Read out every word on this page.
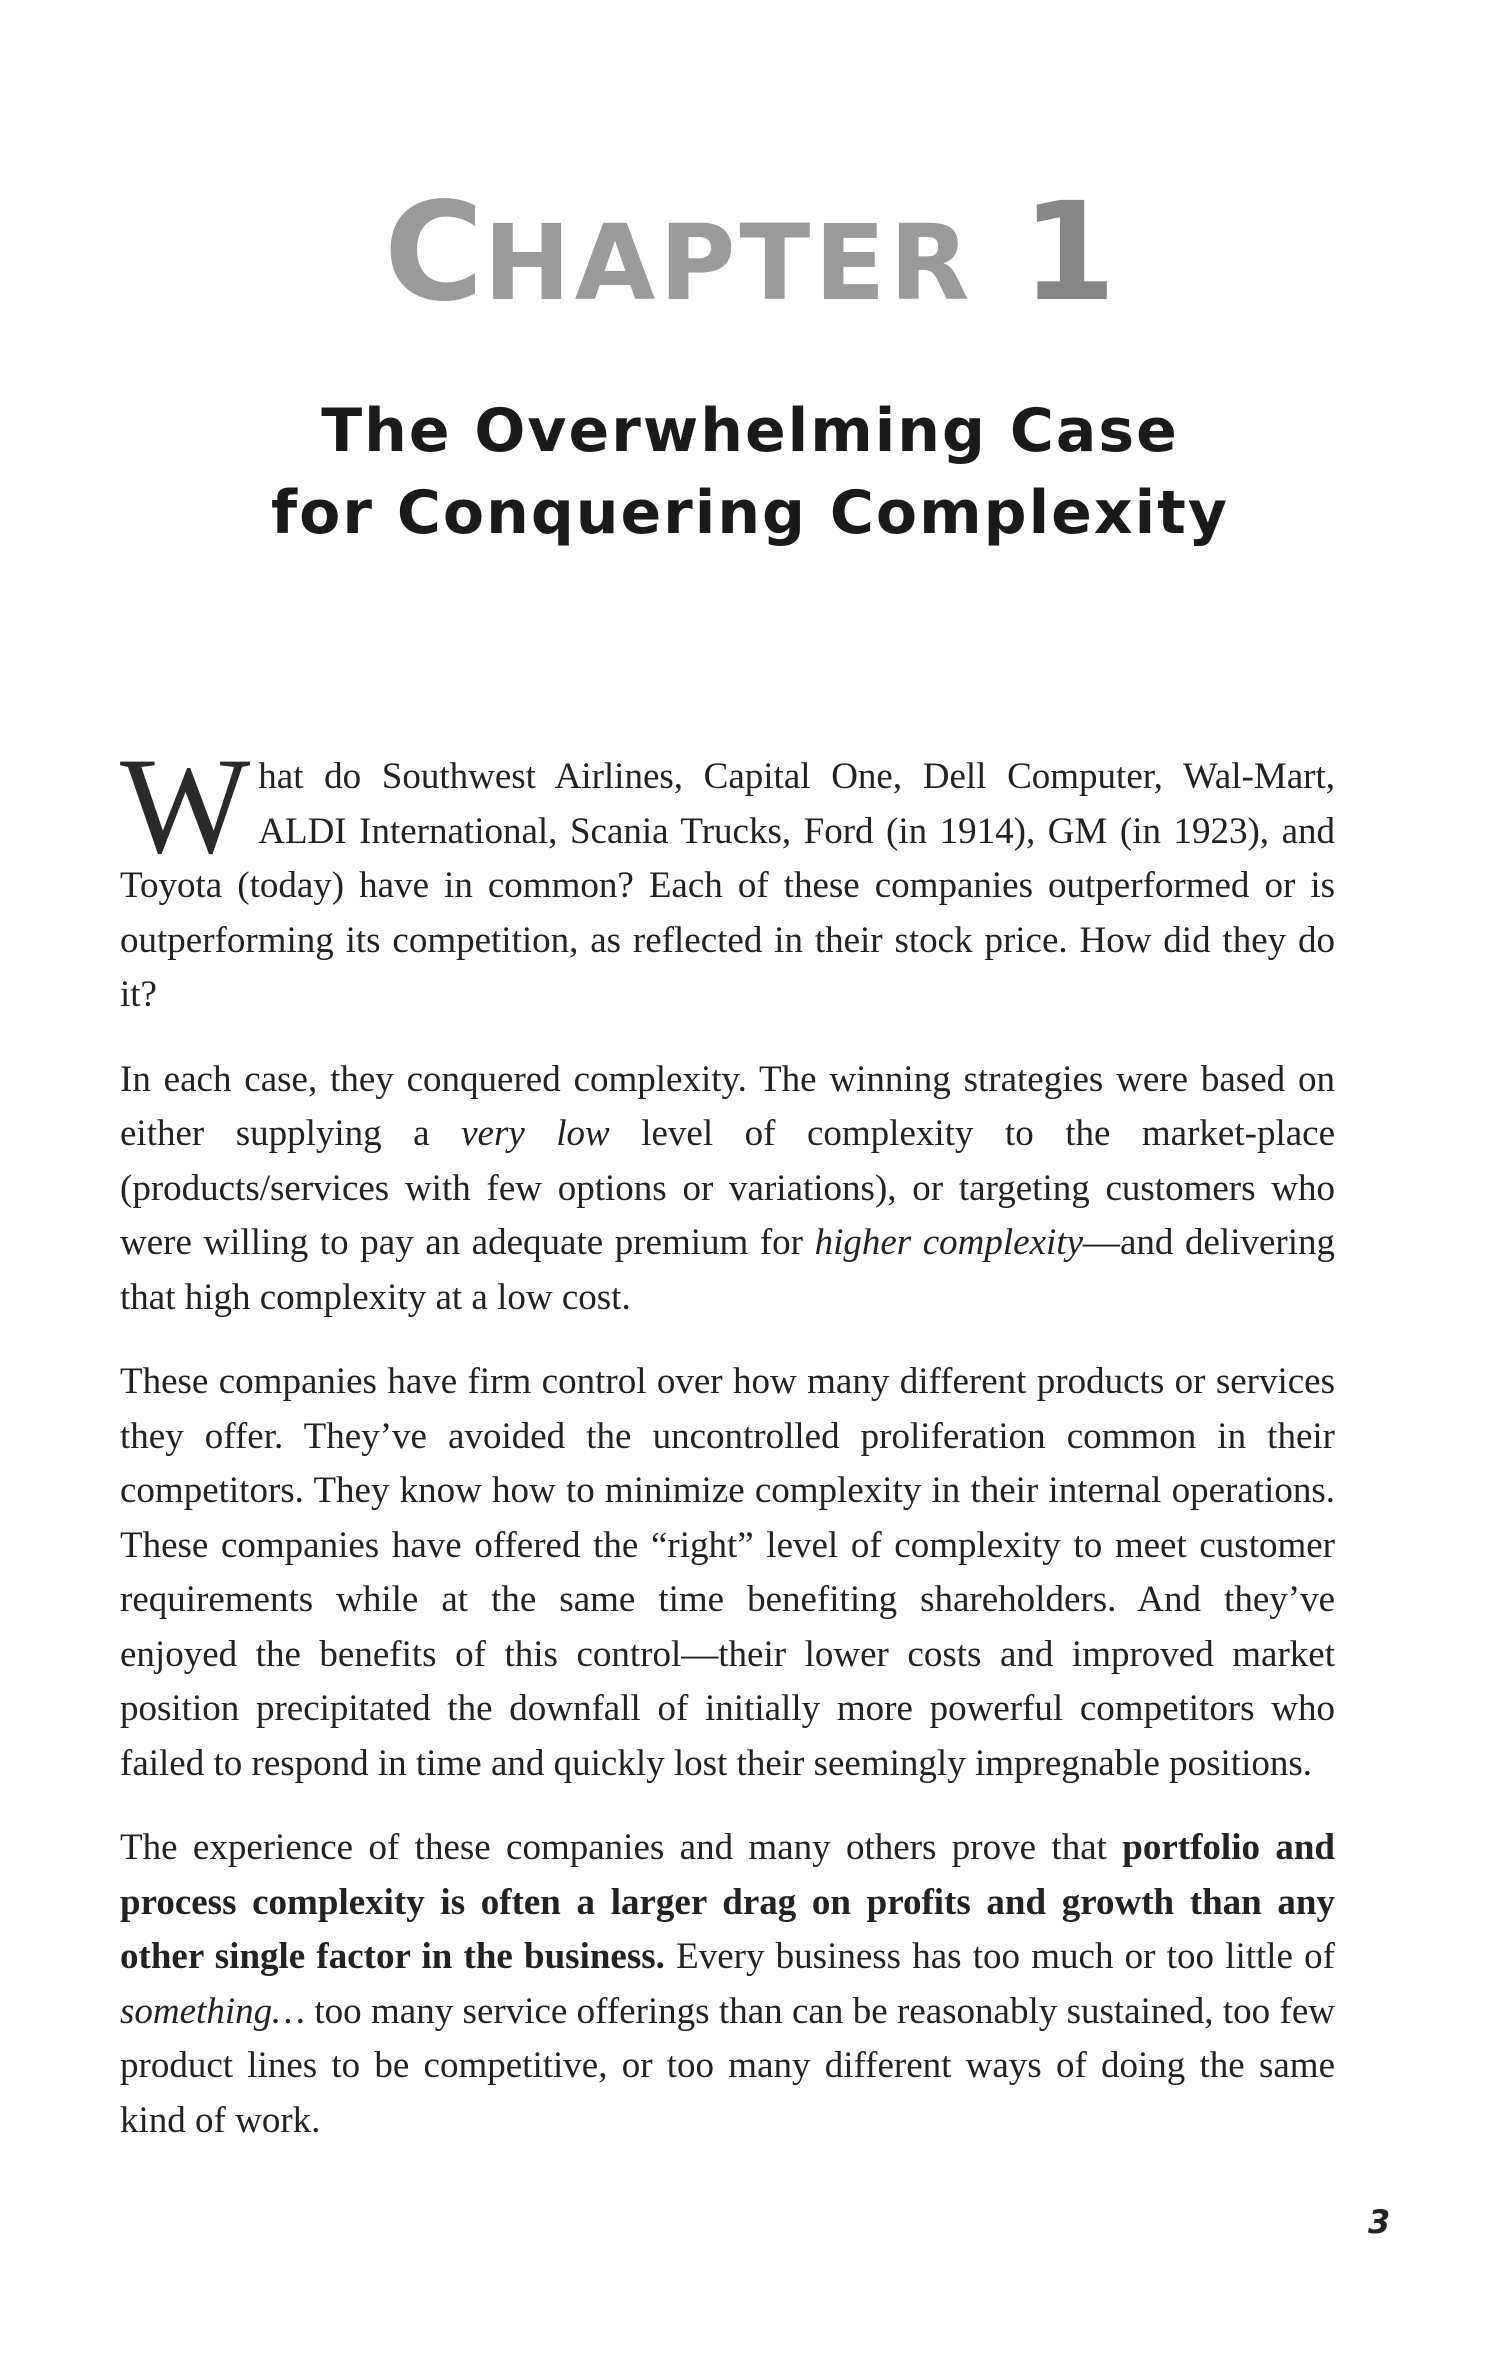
CHAPTER 1
The Overwhelming Case
for Conquering Complexity

What do Southwest Airlines, Capital One, Dell Computer, Wal-Mart, ALDI International, Scania Trucks, Ford (in 1914), GM (in 1923), and Toyota (today) have in common? Each of these companies outperformed or is outperforming its competition, as reflected in their stock price. How did they do it?

In each case, they conquered complexity. The winning strategies were based on either supplying a very low level of complexity to the market-place (products/services with few options or variations), or targeting customers who were willing to pay an adequate premium for higher complexity—and delivering that high complexity at a low cost.

These companies have firm control over how many different products or services they offer. They’ve avoided the uncontrolled proliferation common in their competitors. They know how to minimize complexity in their internal operations. These companies have offered the “right” level of complexity to meet customer requirements while at the same time benefiting shareholders. And they’ve enjoyed the benefits of this control—their lower costs and improved market position precipitated the downfall of initially more powerful competitors who failed to respond in time and quickly lost their seemingly impregnable positions.

The experience of these companies and many others prove that portfolio and process complexity is often a larger drag on profits and growth than any other single factor in the business. Every business has too much or too little of something… too many service offerings than can be reasonably sustained, too few product lines to be competitive, or too many different ways of doing the same kind of work.

3
